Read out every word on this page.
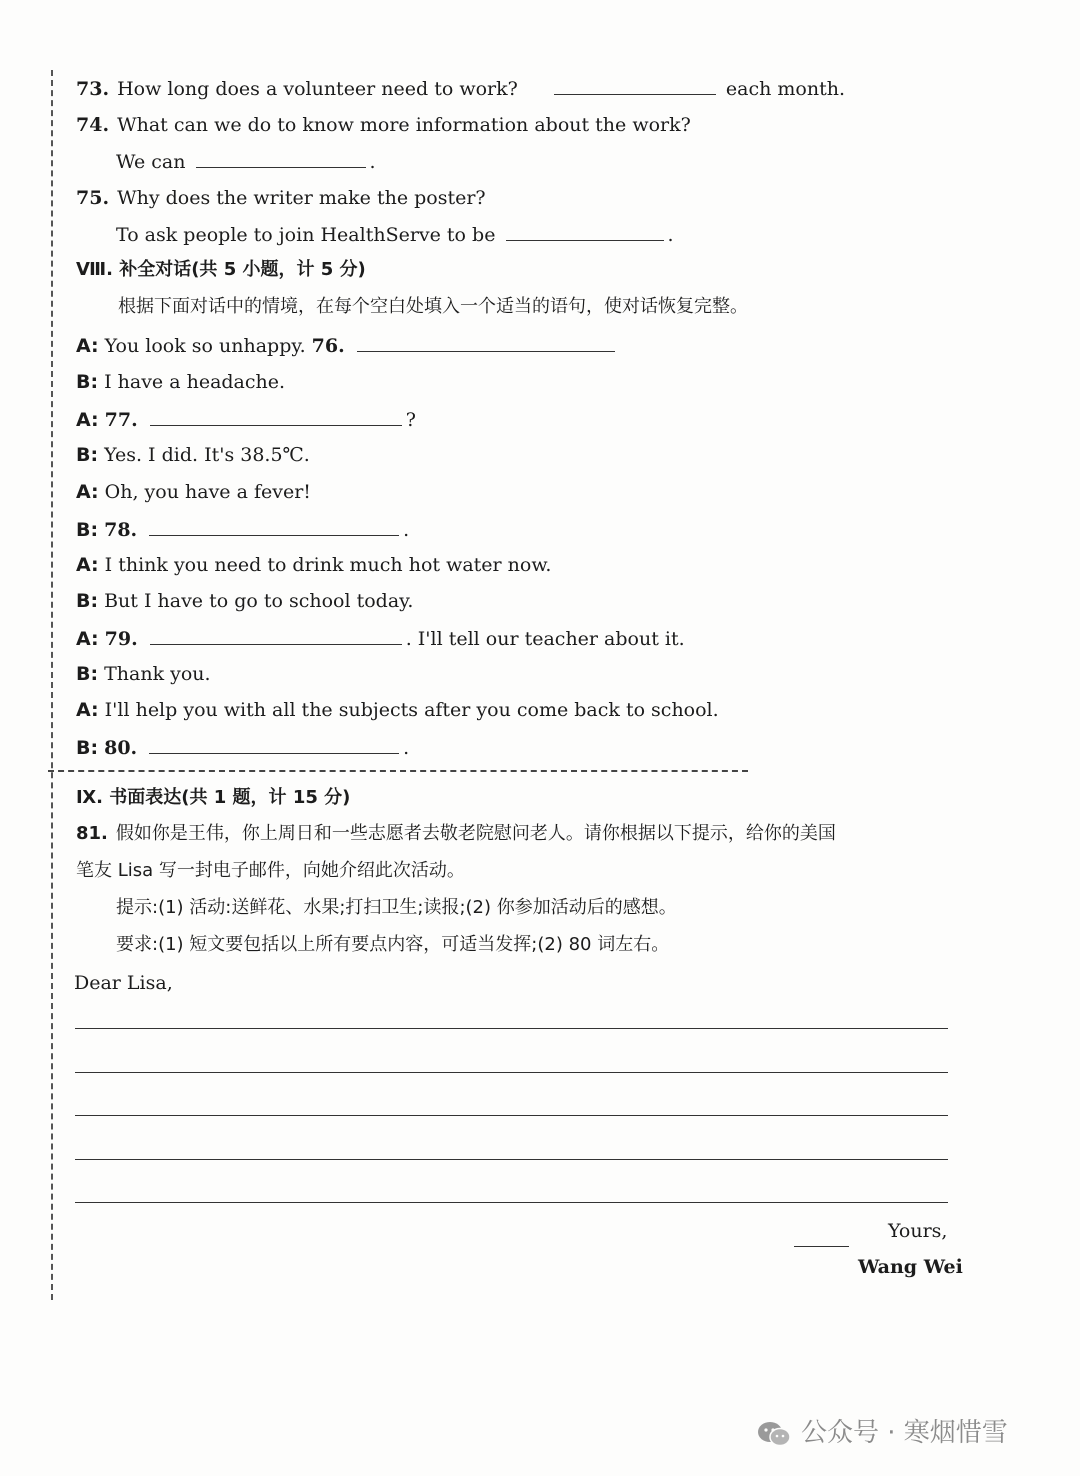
73. How long does a volunteer need to work?	each month.
74. What can we do to know more information about the work?
We can	.
75. Why does the writer make the poster?
To ask people to join HealthServe to be	.
Ⅷ. 补全对话(共 5 小题，计 5 分)
根据下面对话中的情境，在每个空白处填入一个适当的语句，使对话恢复完整。
A: You look so unhappy. 76.
B: I have a headache.
A: 77.	?
B: Yes. I did. It's 38.5℃.
A: Oh, you have a fever!
B: 78.	.
A: I think you need to drink much hot water now.
B: But I have to go to school today.
A: 79.	. I'll tell our teacher about it.
B: Thank you.
A: I'll help you with all the subjects after you come back to school.
B: 80.	.
Ⅸ. 书面表达(共 1 题，计 15 分)
81. 假如你是王伟，你上周日和一些志愿者去敬老院慰问老人。请你根据以下提示，给你的美国
笔友 Lisa 写一封电子邮件，向她介绍此次活动。
提示:(1) 活动:送鲜花、水果;打扫卫生;读报;(2) 你参加活动后的感想。
要求:(1) 短文要包括以上所有要点内容，可适当发挥;(2) 80 词左右。
Dear Lisa,
Yours,
Wang Wei
公众号 · 寒烟惜雪
